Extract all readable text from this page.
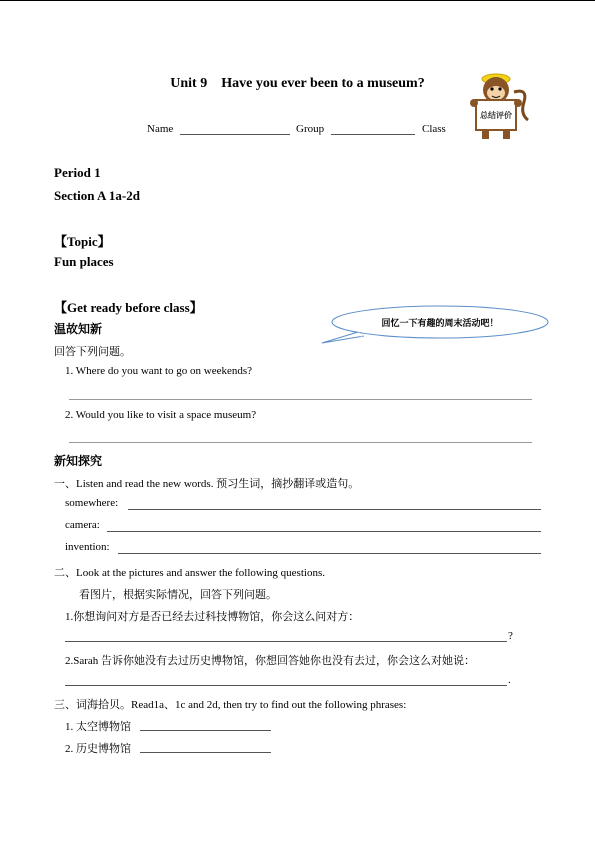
Unit 9 Have you ever been to a museum?
总结评价
Name	Group	Class
Period 1
Section A 1a-2d
【Topic】
Fun places
【Get ready before class】
回忆一下有趣的周末活动吧！
温故知新
回答下列问题。
1. Where do you want to go on weekends?
2. Would you like to visit a space museum?
新知探究
一、Listen and read the new words. 预习生词，摘抄翻译或造句。
somewhere:
camera:
invention:
二、Look at the pictures and answer the following questions.
看图片，根据实际情况，回答下列问题。
1.你想询问对方是否已经去过科技博物馆，你会这么问对方：
?
2.Sarah 告诉你她没有去过历史博物馆，你想回答她你也没有去过，你会这么对她说：
.
三、词海拾贝。Read1a、1c and 2d, then try to find out the following phrases:
1. 太空博物馆
2. 历史博物馆
